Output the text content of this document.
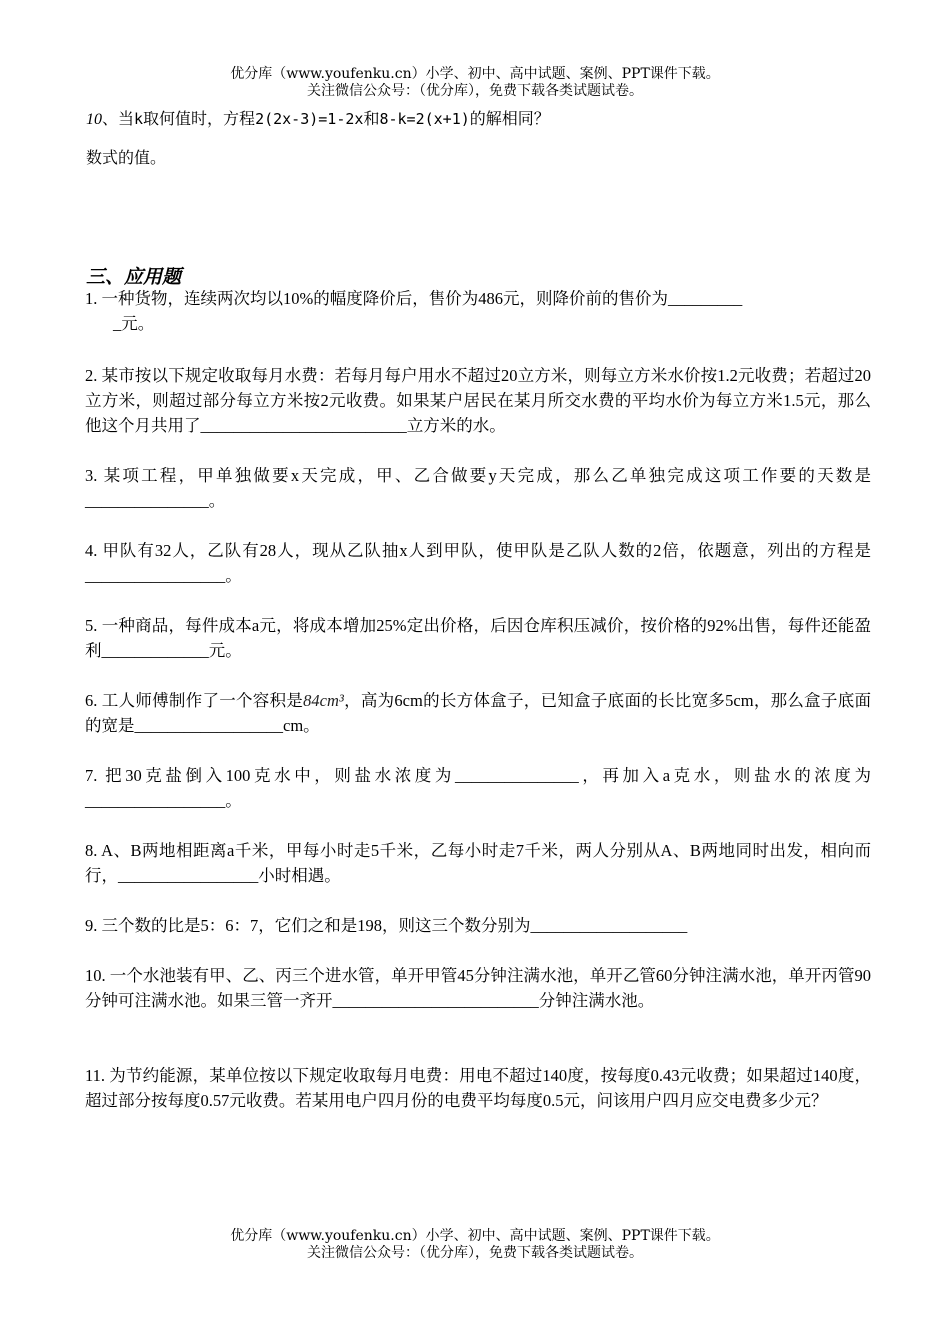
优分库（www.youfenku.cn）小学、初中、高中试题、案例、PPT课件下载。
关注微信公众号：（优分库），免费下载各类试题试卷。
10、当k取何值时，方程2(2x-3)=1-2x和8-k=2(x+1)的解相同？
数式的值。
三、应用题
1. 一种货物，连续两次均以10%的幅度降价后，售价为486元，则降价前的售价为_________
_元。
2. 某市按以下规定收取每月水费：若每月每户用水不超过20立方米，则每立方米水价按1.2元收费；若超过20立方米，则超过部分每立方米按2元收费。如果某户居民在某月所交水费的平均水价为每立方米1.5元，那么他这个月共用了_________________________立方米的水。
3. 某项工程，甲单独做要x天完成，甲、乙合做要y天完成，那么乙单独完成这项工作要的天数是_______________。
4. 甲队有32人，乙队有28人，现从乙队抽x人到甲队，使甲队是乙队人数的2倍，依题意，列出的方程是_________________。
5. 一种商品，每件成本a元，将成本增加25%定出价格，后因仓库积压减价，按价格的92%出售，每件还能盈利_____________元。
6. 工人师傅制作了一个容积是84cm³，高为6cm的长方体盒子，已知盒子底面的长比宽多5cm，那么盒子底面的宽是__________________cm。
7. 把30克盐倒入100克水中，则盐水浓度为_______________，再加入a克水，则盐水的浓度为_________________。
8. A、B两地相距离a千米，甲每小时走5千米，乙每小时走7千米，两人分别从A、B两地同时出发，相向而行，_________________小时相遇。
9. 三个数的比是5：6：7，它们之和是198，则这三个数分别为___________________
10. 一个水池装有甲、乙、丙三个进水管，单开甲管45分钟注满水池，单开乙管60分钟注满水池，单开丙管90分钟可注满水池。如果三管一齐开_________________________分钟注满水池。
11. 为节约能源，某单位按以下规定收取每月电费：用电不超过140度，按每度0.43元收费；如果超过140度，超过部分按每度0.57元收费。若某用电户四月份的电费平均每度0.5元，问该用户四月应交电费多少元？
优分库（www.youfenku.cn）小学、初中、高中试题、案例、PPT课件下载。
关注微信公众号：（优分库），免费下载各类试题试卷。
